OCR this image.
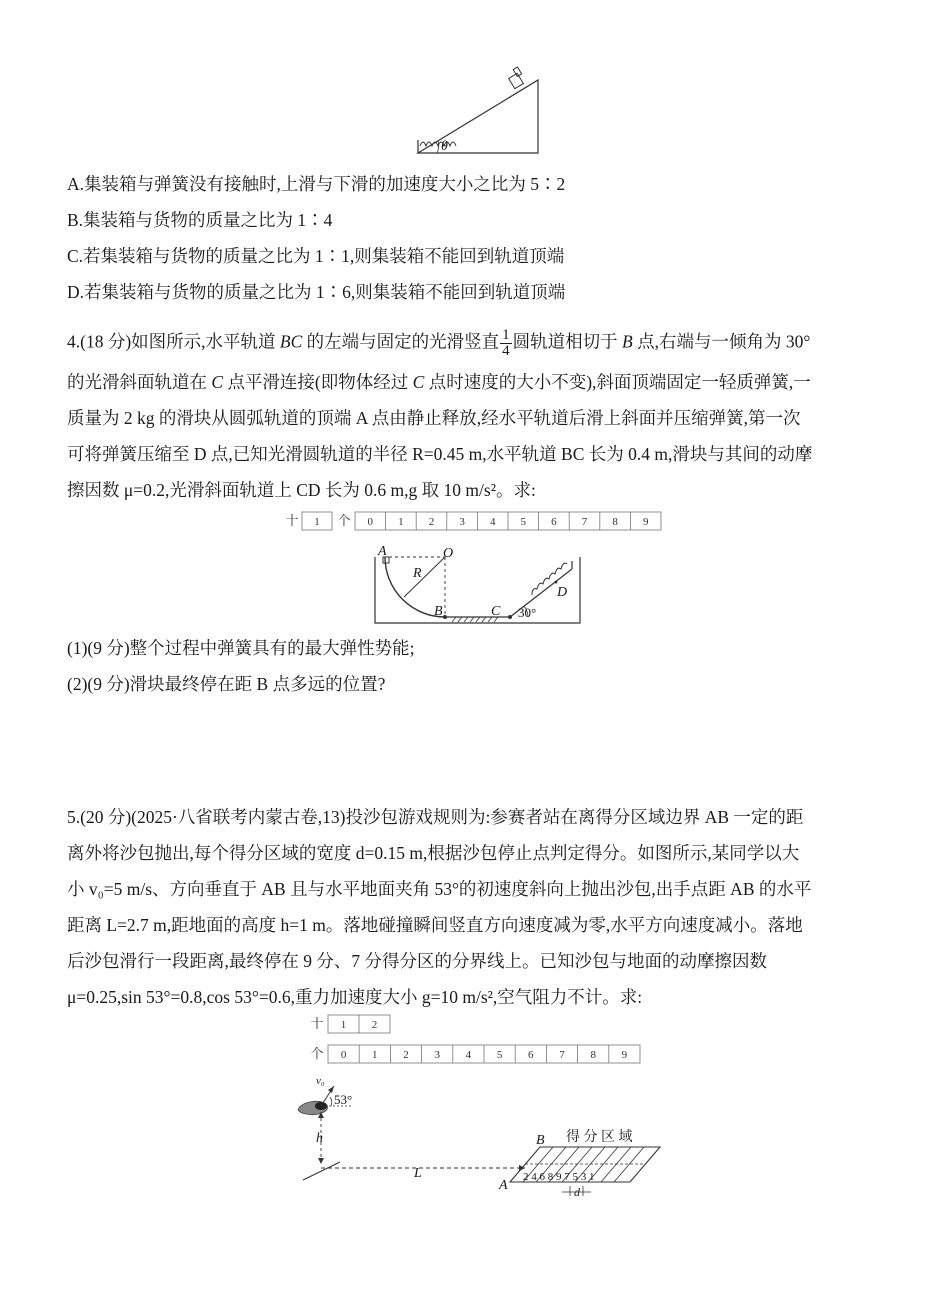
θ
A.集装箱与弹簧没有接触时,上滑与下滑的加速度大小之比为 5∶2
B.集装箱与货物的质量之比为 1∶4
C.若集装箱与货物的质量之比为 1∶1,则集装箱不能回到轨道顶端
D.若集装箱与货物的质量之比为 1∶6,则集装箱不能回到轨道顶端
4.(18 分)如图所示,水平轨道 BC 的左端与固定的光滑竖直 $\frac{1}{4}$ 圆轨道相切于 B 点,右端与一倾角为 30°
的光滑斜面轨道在 C 点平滑连接(即物体经过 C 点时速度的大小不变),斜面顶端固定一轻质弹簧,一
质量为 2 kg 的滑块从圆弧轨道的顶端 A 点由静止释放,经水平轨道后滑上斜面并压缩弹簧,第一次
可将弹簧压缩至 D 点,已知光滑圆轨道的半径 R=0.45 m,水平轨道 BC 长为 0.4 m,滑块与其间的动摩
擦因数 μ=0.2,光滑斜面轨道上 CD 长为 0.6 m,g 取 10 m/s²。求:
十 1 个 0 1 2 3 4 5 6 7 8 9
A	O
R
B	C
D
30°
(1)(9 分)整个过程中弹簧具有的最大弹性势能;
(2)(9 分)滑块最终停在距 B 点多远的位置?
5.(20 分)(2025·八省联考内蒙古卷,13)投沙包游戏规则为:参赛者站在离得分区域边界 AB 一定的距
离外将沙包抛出,每个得分区域的宽度 d=0.15 m,根据沙包停止点判定得分。如图所示,某同学以大
小 v₀=5 m/s、方向垂直于 AB 且与水平地面夹角 53°的初速度斜向上抛出沙包,出手点距 AB 的水平
距离 L=2.7 m,距地面的高度 h=1 m。落地碰撞瞬间竖直方向速度减为零,水平方向速度减小。落地
后沙包滑行一段距离,最终停在 9 分、7 分得分区的分界线上。已知沙包与地面的动摩擦因数
μ=0.25,sin 53°=0.8,cos 53°=0.6,重力加速度大小 g=10 m/s²,空气阻力不计。求:
十 1 2
个 0 1 2 3 4 5 6 7 8 9
v₀
53°
h
L	2 4 6 8 9 7 5 3 1
B
A
得 分 区 域
d
